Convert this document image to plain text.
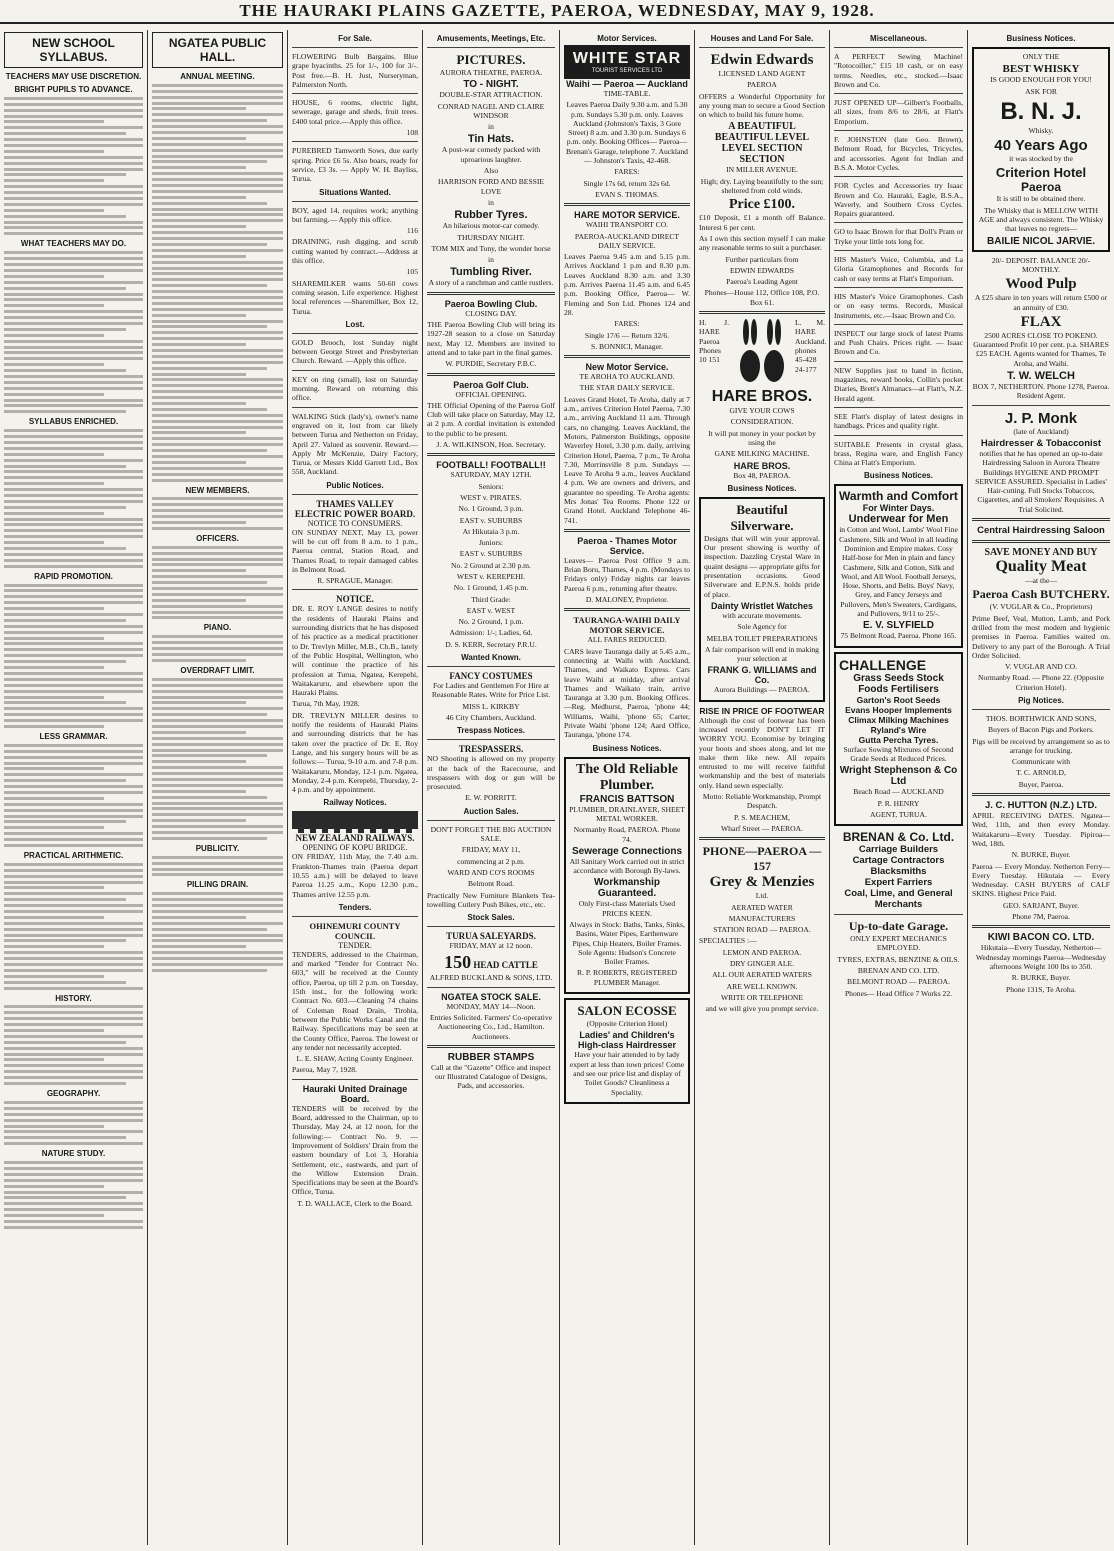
THE HAURAKI PLAINS GAZETTE, PAEROA, WEDNESDAY, MAY 9, 1928.
NEW SCHOOL SYLLABUS.
TEACHERS MAY USE DISCRETION.
BRIGHT PUPILS TO ADVANCE.
WHAT TEACHERS MAY DO.
SYLLABUS ENRICHED.
RAPID PROMOTION.
LESS GRAMMAR.
PRACTICAL ARITHMETIC.
HISTORY.
GEOGRAPHY.
NATURE STUDY.
NGATEA PUBLIC HALL.
ANNUAL MEETING.
NEW MEMBERS.
OFFICERS.
PIANO.
OVERDRAFT LIMIT.
PUBLICITY.
PILLING DRAIN.
For Sale.

FLOWERING Bulb Bargains. Blue grape hyacinths. 25 for 1/-, 100 for 3/-. Post free.—B. H. Just, Nurseryman, Palmerston North.

HOUSE, 6 rooms, electric light, sewerage, garage and sheds, fruit trees. £400 total price.—Apply this office.

108

PUREBRED Tamworth Sows, due early spring. Price £6 5s. Also boars, ready for service, £3 3s. — Apply W. H. Bayliss, Turua.

Situations Wanted.

BOY, aged 14, requires work; anything but farming.— Apply this office.

116

DRAINING, rush digging, and scrub cutting wanted by contract.—Address at this office.

105

SHAREMILKER wants 50-60 cows coming season. Life experience. Highest local references —Sharemilker, Box 12, Turua.

Lost.

GOLD Brooch, lost Sunday night between George Street and Presbyterian Church. Reward. —Apply this office.

KEY on ring (small), lost on Saturday morning. Reward on returning this office.

WALKING Stick (lady's), owner's name engraved on it, lost from car likely between Turua and Netherton on Friday, April 27. Valued as souvenir. Reward.—Apply Mr McKenzie, Dairy Factory, Turua, or Messrs Kidd Garrett Ltd., Box 558, Auckland.

Public Notices.
THAMES VALLEY ELECTRIC POWER BOARD.
NOTICE TO CONSUMERS.

ON SUNDAY NEXT, May 13, power will be cut off from 8 a.m. to 1 p.m., Paeroa central, Station Road, and Thames Road, to repair damaged cables in Belmont Road.

R. SPRAGUE, Manager.

NOTICE.

DR. E. ROY LANGE desires to notify the residents of Hauraki Plains and surrounding districts that he has disposed of his practice as a medical practitioner to Dr. Trevlyn Miller, M.B., Ch.B., lately of the Public Hospital, Wellington, who will continue the practice of his profession at Turua, Ngatea, Kerepehi, Waitakaruru, and elsewhere upon the Hauraki Plains.

Turua, 7th May, 1928.

DR. TREVLYN MILLER desires to notify the residents of Hauraki Plains and surrounding districts that he has taken over the practice of Dr. E. Roy Lange, and his surgery hours will be as follows:— Turua, 9-10 a.m. and 7-8 p.m. Waitakaruru, Monday, 12-1 p.m. Ngatea, Monday, 2-4 p.m. Kerepehi, Thursday, 2-4 p.m. and by appointment.

Railway Notices.
NEW ZEALAND RAILWAYS.
OPENING OF KOPU BRIDGE.

ON FRIDAY, 11th May, the 7.40 a.m. Frankton-Thames train (Paeroa depart 10.55 a.m.) will be delayed to leave Paeroa 11.25 a.m., Kopu 12.30 p.m., Thames arrive 12.55 p.m.

Tenders.
OHINEMURI COUNTY COUNCIL
TENDER.

TENDERS, addressed to the Chairman, and marked "Tender for Contract No. 603," will be received at the County office, Paeroa, up till 2 p.m. on Tuesday, 15th inst., for the following work: Contract No. 603.—Cleaning 74 chains of Coleman Road Drain, Tirohia, between the Public Works Canal and the Railway. Specifications may be seen at the County Office, Paeroa. The lowest or any tender not necessarily accepted.

L. E. SHAW, Acting County Engineer.

Paeroa, May 7, 1928.

Hauraki United Drainage Board.

TENDERS will be received by the Board, addressed to the Chairman, up to Thursday, May 24, at 12 noon, for the following:— Contract No. 9. — Improvement of Soldiers' Drain from the eastern boundary of Lot 3, Horahia Settlement, etc., eastwards, and part of the Willow Extension Drain. Specifications may be seen at the Board's Office, Turua.

T. D. WALLACE, Clerk to the Board.

Amusements, Meetings, Etc.
PICTURES.

AURORA THEATRE, PAEROA.

TO - NIGHT.

DOUBLE-STAR ATTRACTION.

CONRAD NAGEL AND CLAIRE WINDSOR

in

Tin Hats.

A post-war comedy packed with uproarious laughter.

Also

HARRISON FORD AND BESSIE LOVE

in

Rubber Tyres.

An hilarious motor-car comedy.

THURSDAY NIGHT.

TOM MIX and Tony, the wonder horse

in

Tumbling River.

A story of a ranchman and cattle rustlers.

Paeroa Bowling Club.

CLOSING DAY.

THE Paeroa Bowling Club will bring its 1927-28 season to a close on Saturday next, May 12. Members are invited to attend and to take part in the final games.

W. PURDIE, Secretary P.B.C.

Paeroa Golf Club.

OFFICIAL OPENING.

THE Official Opening of the Paeroa Golf Club will take place on Saturday, May 12, at 2 p.m. A cordial invitation is extended to the public to be present.

J. A. WILKINSON, Hon. Secretary.

FOOTBALL! FOOTBALL!!

SATURDAY, MAY 12TH.

Seniors:

WEST v. PIRATES.

No. 1 Ground, 3 p.m.

EAST v. SUBURBS

At Hikutaia 3 p.m.

Juniors:

EAST v. SUBURBS

No. 2 Ground at 2.30 p.m.

WEST v. KEREPEHI.

No. 1 Ground, 1.45 p.m.

Third Grade:

EAST v. WEST

No. 2 Ground, 1 p.m.

Admission: 1/-; Ladies, 6d.

D. S. KERR, Secretary P.R.U.

Wanted Known.
FANCY COSTUMES

For Ladies and Gentlemen For Hire at Reasonable Rates. Write for Price List.

MISS L. KIRKBY

46 City Chambers, Auckland.

Trespass Notices.
TRESPASSERS.

NO Shooting is allowed on my property at the back of the Racecourse, and trespassers with dog or gun will be prosecuted.

E. W. PORRITT.

Auction Sales.

DON'T FORGET THE BIG AUCTION SALE.

FRIDAY, MAY 11,

commencing at 2 p.m.

WARD AND CO'S ROOMS

Belmont Road.

Practically New Furniture Blankets Tea-towelling Cutlery Push Bikes, etc., etc.

Stock Sales.
TURUA SALEYARDS.

FRIDAY, MAY at 12 noon.

150 HEAD CATTLE

ALFRED BUCKLAND & SONS, LTD.

NGATEA STOCK SALE.

MONDAY, MAY 14—Noon.

Entries Solicited. Farmers' Co-operative Auctioneering Co., Ltd., Hamilton. Auctioneers.

RUBBER STAMPS

Call at the "Gazette" Office and inspect our Illustrated Catalogue of Designs, Pads, and accessories.

Motor Services.
WHITE STAR
TOURIST SERVICES LTD
Waihi — Paeroa — Auckland

TIME-TABLE.

Leaves Paeroa Daily 9.30 a.m. and 5.30 p.m. Sundays 5.30 p.m. only. Leaves Auckland (Johnston's Taxis, 3 Gore Street) 8 a.m. and 3.30 p.m. Sundays 6 p.m. only. Booking Offices— Paeroa—Brenan's Garage, telephone 7. Auckland — Johnston's Taxis, 42-468.

FARES:

Single 17s 6d, return 32s 6d.

EVAN S. THOMAS.

HARE MOTOR SERVICE.

WAIHI TRANSPORT CO.

PAEROA-AUCKLAND DIRECT DAILY SERVICE.

Leaves Paeroa 9.45 a.m and 5.15 p.m. Arrives Auckland 1 p.m and 8.30 p.m. Leaves Auckland 8.30 a.m. and 3.30 p.m. Arrives Paeroa 11.45 a.m. and 6.45 p.m. Booking Office, Paeroa— W. Fleming and Son Ltd. Phones 124 and 28.

FARES:

Single 17/6 — Return 32/6.

S. BONNICI, Manager.

New Motor Service.

TE AROHA TO AUCKLAND.

THE STAR DAILY SERVICE.

Leaves Grand Hotel, Te Aroha, daily at 7 a.m., arrives Criterion Hotel Paeroa, 7.30 a.m., arriving Auckland 11 a.m. Through cars, no changing. Leaves Auckland, the Motors, Palmerston Buildings, opposite Waverley Hotel, 3.30 p.m. daily, arriving Criterion Hotel, Paeroa, 7 p.m., Te Aroha 7.30, Morrinsville 8 p.m. Sundays — Leave Te Aroha 9 a.m., leaves Auckland 4 p.m. We are owners and drivers, and guarantee no speeding. Te Aroha agents: Mrs Jonas' Tea Rooms. Phone 122 or Grand Hotel. Auckland Telephone 46-741.

Paeroa - Thames Motor Service.

Leaves— Paeroa Post Office 9 a.m. Brian Boru, Thames, 4 p.m. (Mondays to Fridays only) Friday nights car leaves Paeroa 6 p.m., returning after theatre.

D. MALONEY, Proprietor.

TAURANGA-WAIHI DAILY MOTOR SERVICE.

ALL FARES REDUCED.

CARS leave Tauranga daily at 5.45 a.m., connecting at Waihi with Auckland, Thames, and Waikato Express. Cars leave Waihi at midday, after arrival Thames and Waikato train, arrive Tauranga at 3.30 p.m. Booking Offices.—Reg. Medhurst, Paeroa, 'phone 44; Williams, Waihi, 'phone 65; Carter, Private Waihi 'phone 124; Aard Office, Tauranga, 'phone 174.

Business Notices.
The Old Reliable Plumber.
FRANCIS BATTSON

PLUMBER, DRAINLAYER, SHEET METAL WORKER.

Normanby Road, PAEROA. Phone 74.

Sewerage Connections

All Sanitary Work carried out in strict accordance with Borough By-laws.

Workmanship Guaranteed.

Only First-class Materials Used PRICES KEEN.

Always in Stock: Baths, Tanks, Sinks, Basins, Water Pipes, Earthenware Pipes, Chip Heaters, Boiler Frames. Sole Agents: Hudson's Concrete Boiler Frames.

R. P. ROBERTS, REGISTERED PLUMBER Manager.

SALON ECOSSE

(Opposite Criterion Hotel)

Ladies' and Children's High-class Hairdresser

Have your hair attended to by lady expert at less than town prices! Come and see our price list and display of Toilet Goods? Cleanliness a Speciality.

Houses and Land For Sale.
Edwin Edwards

LICENSED LAND AGENT

PAEROA

OFFERS a Wonderful Opportunity for any young man to secure a Good Section on which to build his future home.

A BEAUTIFUL BEAUTIFUL LEVEL LEVEL SECTION SECTION

IN MILLER AVENUE.

High; dry. Laying beautifully to the sun; sheltered from cold winds.

Price £100.

£10 Deposit, £1 a month off Balance. Interest 6 per cent.

As I own this section myself I can make any reasonable terms to suit a purchaser.

Further particulars from

EDWIN EDWARDS

Paeroa's Leading Agent

Phones—House 112, Office 108, P.O. Box 61.

H. J. HARE Paeroa Phones 10 151

L. M. HARE Auckland. phones 45-428 24-177

HARE BROS.

GIVE YOUR COWS

CONSIDERATION.

It will put money in your pocket by using the

GANE MILKING MACHINE.

HARE BROS.

Box 48, PAEROA.

Business Notices.
Beautiful Silverware.

Designs that will win your approval. Our present showing is worthy of inspection. Dazzling Crystal Ware in quaint designs — appropriate gifts for presentation occasions. Good Silverware and E.P.N.S. holds pride of place.

Dainty Wristlet Watches

with accurate movements.

Sole Agency for

MELBA TOILET PREPARATIONS

A fair comparison will end in making your selection at

FRANK G. WILLIAMS and Co.

Aurora Buildings — PAEROA.

RISE IN PRICE OF FOOTWEAR

Although the cost of footwear has been increased recently DON'T LET IT WORRY YOU. Economise by bringing your boots and shoes along, and let me make them like new. All repairs entrusted to me will receive faithful workmanship and the best of materials only. Hand sewn especially.

Motto: Reliable Workmanship, Prompt Despatch.

P. S. MEACHEM,

Wharf Street — PAEROA.

PHONE—PAEROA —157
Grey & Menzies

Ltd.

AERATED WATER

MANUFACTURERS

STATION ROAD — PAEROA.

SPECIALTIES :—

LEMON AND PAEROA.

DRY GINGER ALE.

ALL OUR AERATED WATERS

ARE WELL KNOWN.

WRITE OR TELEPHONE

and we will give you prompt service.

Miscellaneous.

A PERFECT Sewing Machine! "Rotocoiller," £15 10 cash, or on easy terms. Needles, etc., stocked.—Isaac Brown and Co.

JUST OPENED UP—Gilbert's Footballs, all sizes, from 8/6 to 28/6, at Flatt's Emporium.

F. JOHNSTON (late Geo. Brown), Belmont Road, for Bicycles, Tricycles, and accessories. Agent for Indian and B.S.A. Motor Cycles.

FOR Cycles and Accessories try Isaac Brown and Co. Hauraki, Eagle, B.S.A., Waverly, and Southern Cross Cycles. Repairs guaranteed.

GO to Isaac Brown for that Doll's Pram or Tryke your little tots long for.

HIS Master's Voice, Columbia, and La Gloria Gramophones and Records for cash or easy terms at Flatt's Emporium.

HIS Master's Voice Gramophones. Cash or on easy terms. Records, Musical Instruments, etc.—Isaac Brown and Co.

INSPECT our large stock of latest Prams and Push Chairs. Prices right. — Isaac Brown and Co.

NEW Supplies just to hand in fiction, magazines, reward books, Collin's pocket Diaries, Brett's Almanacs—at Flatt's, N.Z. Herald agent.

SEE Flatt's display of latest designs in handbags. Prices and quality right.

SUITABLE Presents in crystal glass, brass, Regina ware, and English Fancy China at Flatt's Emporium.

Business Notices.
Warmth and Comfort
For Winter Days.
Underwear for Men

in Cotton and Wool, Lambs' Wool Fine Cashmere, Silk and Wool in all leading Dominion and Empire makes. Cosy Half-hose for Men in plain and fancy Cashmere, Silk and Cotton, Silk and Wool, and All Wool. Football Jerseys, Hose, Shorts, and Belts. Boys' Navy, Grey, and Fancy Jerseys and Pullovers, Men's Sweaters, Cardigans, and Pullovers, 9/11 to 25/-.

E. V. SLYFIELD

75 Belmont Road, Paeroa. Phone 165.

CHALLENGE
Grass Seeds Stock Foods Fertilisers
Garton's Root Seeds
Evans Hooper Implements
Climax Milking Machines
Ryland's Wire
Gutta Percha Tyres.

Surface Sowing Mixtures of Second Grade Seeds at Reduced Prices.

Wright Stephenson & Co Ltd

Beach Road — AUCKLAND

P. R. HENRY

AGENT, TURUA.

BRENAN & Co. Ltd.
Carriage Builders
Cartage Contractors
Blacksmiths
Expert Farriers
Coal, Lime, and General Merchants
Up-to-date Garage.

ONLY EXPERT MECHANICS EMPLOYED.

TYRES, EXTRAS, BENZINE & OILS.

BRENAN AND CO. LTD.

BELMONT ROAD — PAEROA.

Phones— Head Office 7 Works 22.

Business Notices.

ONLY THE

BEST WHISKY

IS GOOD ENOUGH FOR YOU!

ASK FOR

B. N. J.

Whisky.

40 Years Ago

it was stocked by the

Criterion Hotel
Paeroa

It is still to be obtained there.

The Whisky that is MELLOW WITH AGE and always consistent. The Whisky that leaves no regrets—

BAILIE NICOL JARVIE.

20/- DEPOSIT. BALANCE 20/- MONTHLY.

Wood Pulp

A £25 share in ten years will return £500 or an annuity of £30.

FLAX

2500 ACRES CLOSE TO POKENO. Guaranteed Profit 10 per cent. p.a. SHARES £25 EACH. Agents wanted for Thames, Te Aroha, and Waihi.

T. W. WELCH

BOX 7, NETHERTON. Phone 1278, Paeroa. Resident Agent.

J. P. Monk

(late of Auckland)

Hairdresser & Tobacconist

notifies that he has opened an up-to-date Hairdressing Saloon in Aurora Theatre Buildings HYGIENE AND PROMPT SERVICE ASSURED. Specialist in Ladies' Hair-cutting. Full Stocks Tobaccos, Cigarettes, and all Smokers' Requisites. A Trial Solicited.

Central Hairdressing Saloon
SAVE MONEY AND BUY
Quality Meat

—at the—

Paeroa Cash BUTCHERY.

(V. VUGLAR & Co., Proprietors)

Prime Beef, Veal, Mutton, Lamb, and Pork drilled from the most modern and hygienic premises in Paeroa. Families waited on. Delivery to any part of the Borough. A Trial Order Solicited.

V. VUGLAR AND CO.

Normanby Road. — Phone 22. (Opposite Criterion Hotel).

Pig Notices.

THOS. BORTHWICK AND SONS,

Buyers of Bacon Pigs and Porkers.

Pigs will be received by arrangement so as to arrange for trucking.

Communicate with

T. C. ARNOLD,

Buyer, Paeroa.

J. C. HUTTON (N.Z.) LTD.

APRIL RECEIVING DATES. Ngatea—Wed, 11th, and then every Monday. Waitakaruru—Every Tuesday. Pipiroa—Wed, 18th.

N. BURKE, Buyer.

Paeroa — Every Monday. Netherton Ferry—Every Tuesday. Hikutaia — Every Wednesday. CASH BUYERS of CALF SKINS. Highest Price Paid.

GEO. SARJANT, Buyer.

Phone 7M, Paeroa.

KIWI BACON CO. LTD.

Hikutaia—Every Tuesday, Netherton—Wednesday mornings Paeroa—Wednesday afternoons Weight 100 lbs to 350.

R. BURKE, Buyer.

Phone 131S, Te Aroha.
